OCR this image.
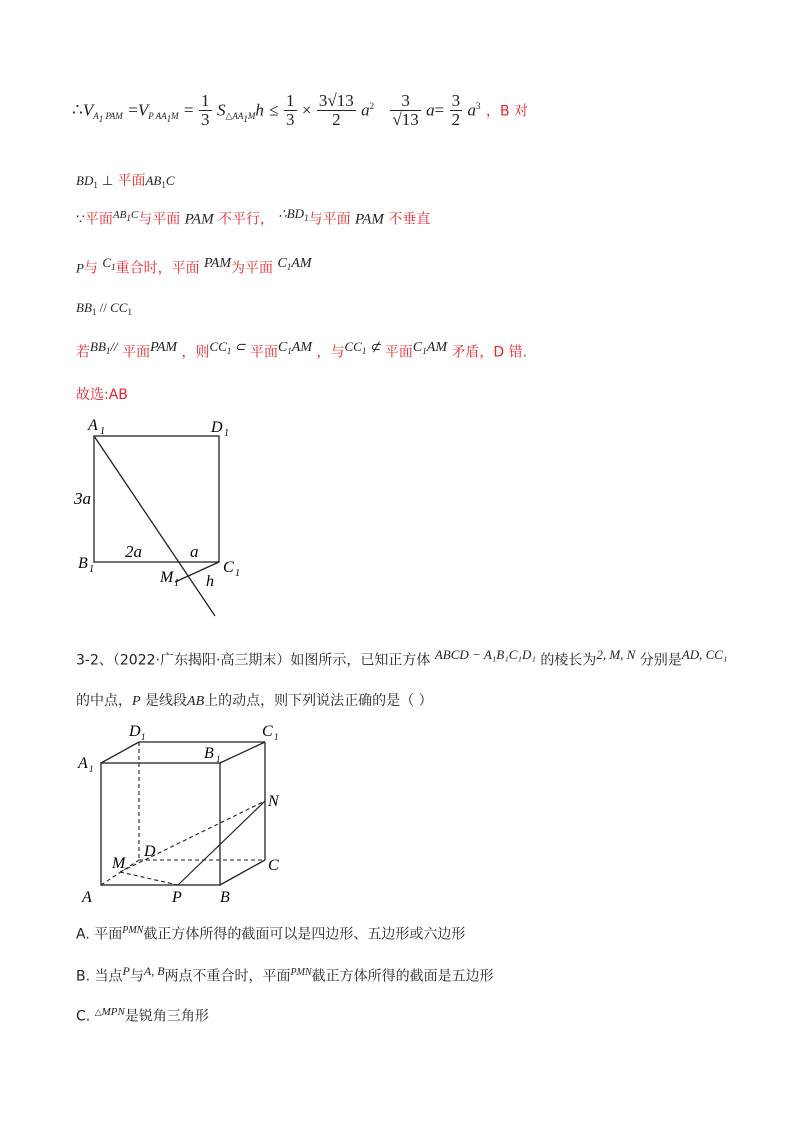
$\therefore V_{A_1 PAM} =V_{P AA_1M} = \frac{1}{3} S_{\triangle AA_1M}h \le \frac{1}{3} \times \frac{3√13}{2} a^2 \frac{3}{√13} a= \frac{3}{2} a^3$ ，B 对
$BD_1$ ⊥ 平面$AB_1C$
∵平面$^{AB_1C}$与平面 PAM 不平行， $^{\therefore BD_1}$与平面 PAM 不垂直
P与 $^{C_1}$重合时，平面 $^{PAM}$为平面 $^{C_1AM}$
$BB_1 // CC_1$
若$^{BB_1//}$ 平面$^{PAM}$ ，则$^{CC_1 \subset}$ 平面$^{C_1AM}$ ，与$^{CC_1 ⊄}$ 平面$^{C_1AM}$ 矛盾，D 错.
故选:AB
A 1	D 1
3a
B 1
2a	a
C 1
M 1 h
3-2、（2022·广东揭阳·高三期末）如图所示，已知正方体 $^{ABCD - A_1B_1C_1D_1}$ 的棱长为$^{2, M, N}$ 分别是$^{AD, CC_1}$
的中点，P 是线段AB上的动点，则下列说法正确的是（ ）
A 1
D 1
B 1
C 1
N
D
C
M
A	P B
A. 平面$^{PMN}$截正方体所得的截面可以是四边形、五边形或六边形
B. 当点$^P$与$^{A, B}$两点不重合时，平面$^{PMN}$截正方体所得的截面是五边形
C. $^{\triangle MPN}$是锐角三角形
